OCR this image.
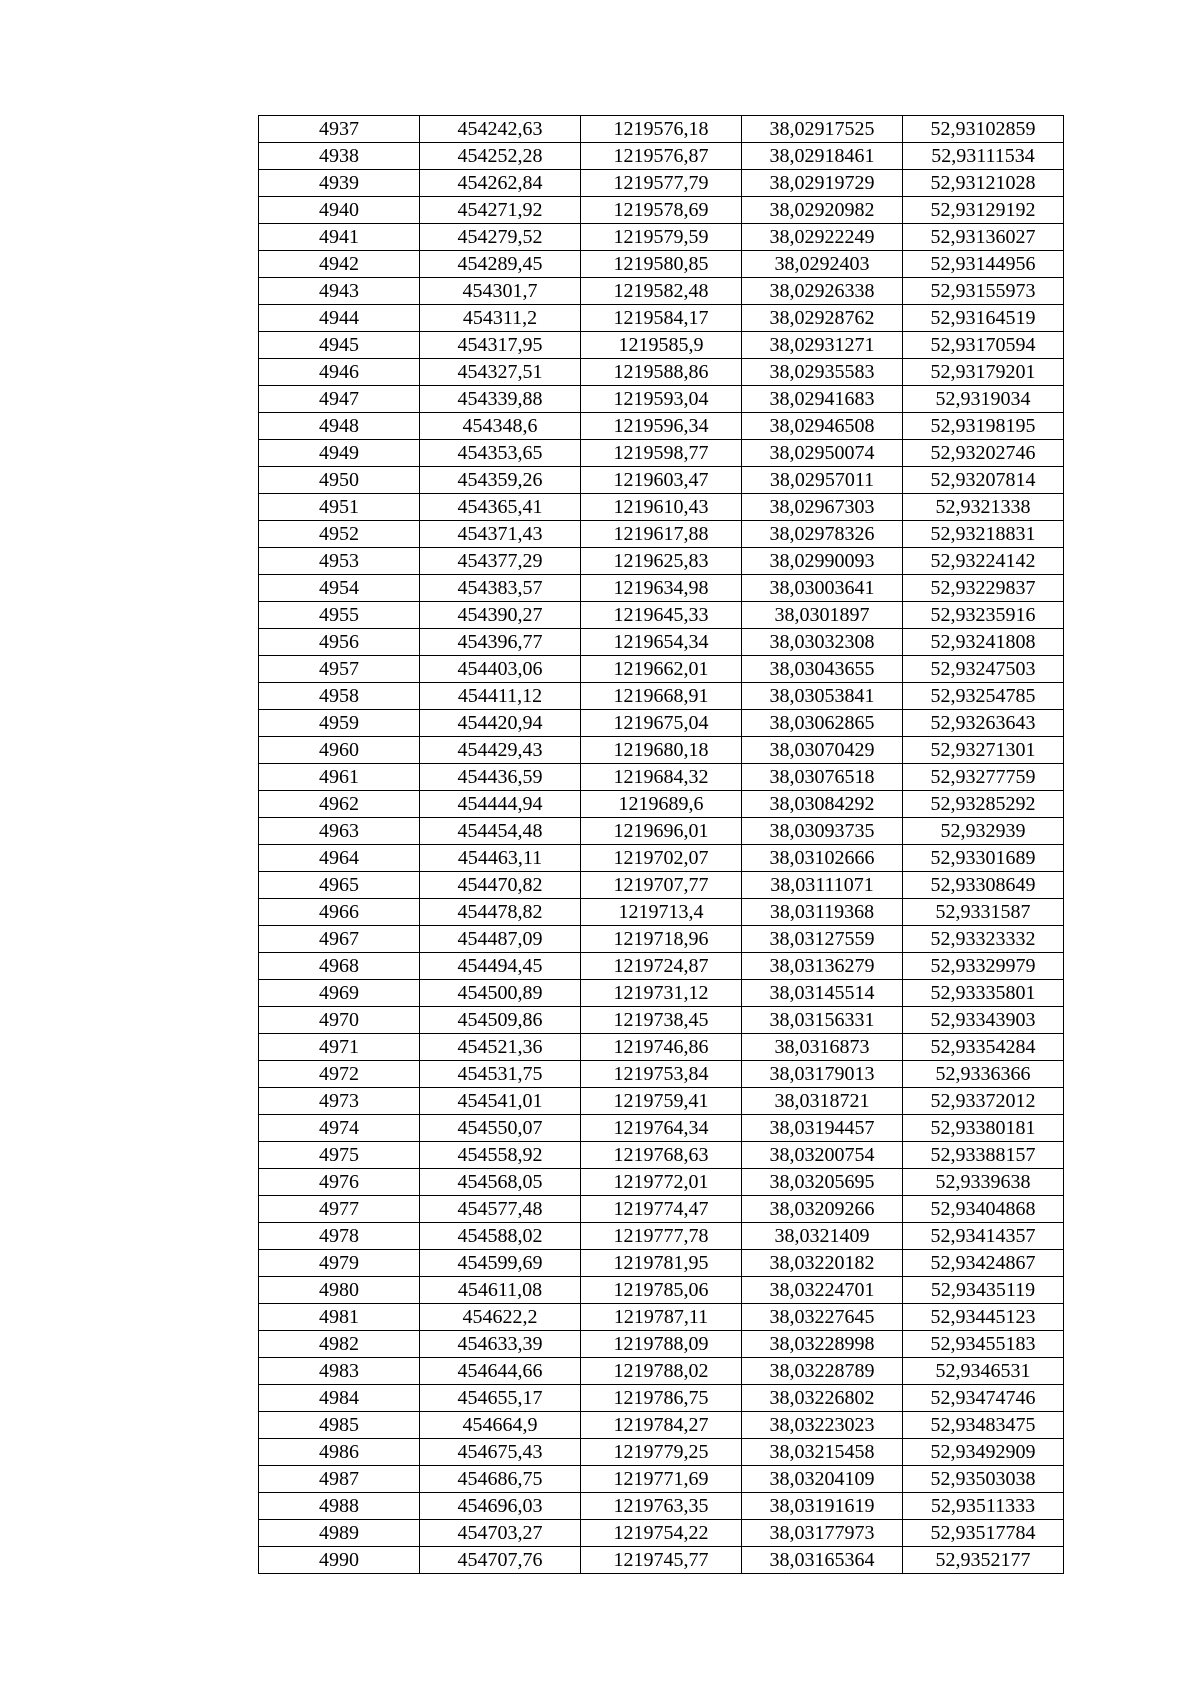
4937	454242,63	1219576,18	38,02917525	52,93102859
4938	454252,28	1219576,87	38,02918461	52,93111534
4939	454262,84	1219577,79	38,02919729	52,93121028
4940	454271,92	1219578,69	38,02920982	52,93129192
4941	454279,52	1219579,59	38,02922249	52,93136027
4942	454289,45	1219580,85	38,0292403	52,93144956
4943	454301,7	1219582,48	38,02926338	52,93155973
4944	454311,2	1219584,17	38,02928762	52,93164519
4945	454317,95	1219585,9	38,02931271	52,93170594
4946	454327,51	1219588,86	38,02935583	52,93179201
4947	454339,88	1219593,04	38,02941683	52,9319034
4948	454348,6	1219596,34	38,02946508	52,93198195
4949	454353,65	1219598,77	38,02950074	52,93202746
4950	454359,26	1219603,47	38,02957011	52,93207814
4951	454365,41	1219610,43	38,02967303	52,9321338
4952	454371,43	1219617,88	38,02978326	52,93218831
4953	454377,29	1219625,83	38,02990093	52,93224142
4954	454383,57	1219634,98	38,03003641	52,93229837
4955	454390,27	1219645,33	38,0301897	52,93235916
4956	454396,77	1219654,34	38,03032308	52,93241808
4957	454403,06	1219662,01	38,03043655	52,93247503
4958	454411,12	1219668,91	38,03053841	52,93254785
4959	454420,94	1219675,04	38,03062865	52,93263643
4960	454429,43	1219680,18	38,03070429	52,93271301
4961	454436,59	1219684,32	38,03076518	52,93277759
4962	454444,94	1219689,6	38,03084292	52,93285292
4963	454454,48	1219696,01	38,03093735	52,932939
4964	454463,11	1219702,07	38,03102666	52,93301689
4965	454470,82	1219707,77	38,03111071	52,93308649
4966	454478,82	1219713,4	38,03119368	52,9331587
4967	454487,09	1219718,96	38,03127559	52,93323332
4968	454494,45	1219724,87	38,03136279	52,93329979
4969	454500,89	1219731,12	38,03145514	52,93335801
4970	454509,86	1219738,45	38,03156331	52,93343903
4971	454521,36	1219746,86	38,0316873	52,93354284
4972	454531,75	1219753,84	38,03179013	52,9336366
4973	454541,01	1219759,41	38,0318721	52,93372012
4974	454550,07	1219764,34	38,03194457	52,93380181
4975	454558,92	1219768,63	38,03200754	52,93388157
4976	454568,05	1219772,01	38,03205695	52,9339638
4977	454577,48	1219774,47	38,03209266	52,93404868
4978	454588,02	1219777,78	38,0321409	52,93414357
4979	454599,69	1219781,95	38,03220182	52,93424867
4980	454611,08	1219785,06	38,03224701	52,93435119
4981	454622,2	1219787,11	38,03227645	52,93445123
4982	454633,39	1219788,09	38,03228998	52,93455183
4983	454644,66	1219788,02	38,03228789	52,9346531
4984	454655,17	1219786,75	38,03226802	52,93474746
4985	454664,9	1219784,27	38,03223023	52,93483475
4986	454675,43	1219779,25	38,03215458	52,93492909
4987	454686,75	1219771,69	38,03204109	52,93503038
4988	454696,03	1219763,35	38,03191619	52,93511333
4989	454703,27	1219754,22	38,03177973	52,93517784
4990	454707,76	1219745,77	38,03165364	52,9352177
